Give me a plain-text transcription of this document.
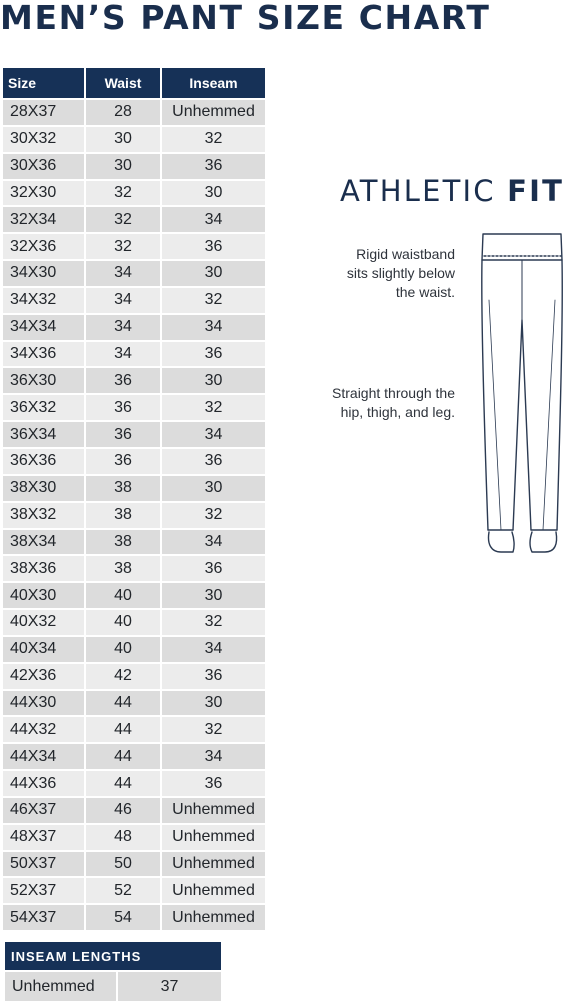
MEN’S PANT SIZE CHART
Size	Waist	Inseam
28X37	28	Unhemmed
30X32	30	32
30X36	30	36
32X30	32	30
32X34	32	34
32X36	32	36
34X30	34	30
34X32	34	32
34X34	34	34
34X36	34	36
36X30	36	30
36X32	36	32
36X34	36	34
36X36	36	36
38X30	38	30
38X32	38	32
38X34	38	34
38X36	38	36
40X30	40	30
40X32	40	32
40X34	40	34
42X36	42	36
44X30	44	30
44X32	44	32
44X34	44	34
44X36	44	36
46X37	46	Unhemmed
48X37	48	Unhemmed
50X37	50	Unhemmed
52X37	52	Unhemmed
54X37	54	Unhemmed
INSEAM LENGTHS
Unhemmed	37
ATHLETIC FIT

Rigid waistband
sits slightly below
the waist.

Straight through the
hip, thigh, and leg.
